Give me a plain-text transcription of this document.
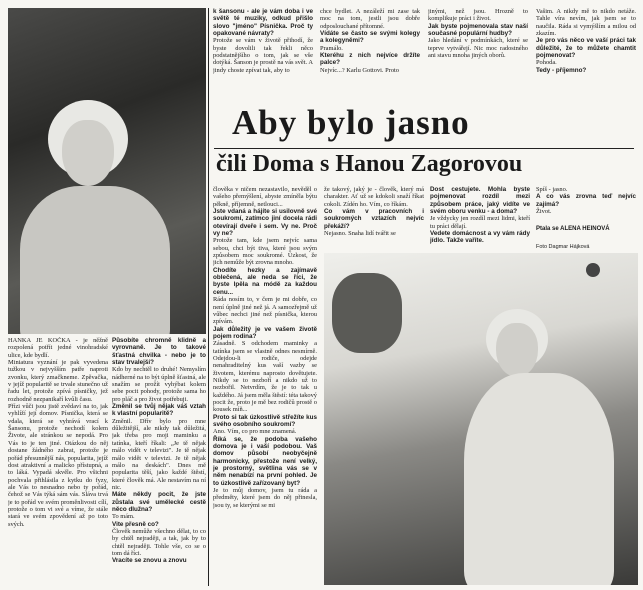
Aby bylo jasno
čili Doma s Hanou Zagorovou

HANKA JE KOČKA - je něžně rozpolená potřít jedné vinohradské ulice, kde bydlí.

Miniatura vyznání je pak vyvedena tužkou v nejvyšším patře naproti zvonku, který zmačkneme. Zpěvačka, v jejíž popularitě se trvale stunečno už řadu let, protože zpívá písničky, jež rozhodně nezpanikaří kvůli času.

Přízi vůči jsou jistě zvědaví na to, jak vyhlíží její domov. Písnička, která se vdala, která se vyhrává vrací k Šansonu, protože nechodí kolem Živote, ale stránkou se nepodá. Pro Vás to je ten jiné. Otázkou do něj dostane žádného zabrat, protože je pořád přesunnější nás, popularita, jejíž dost atraktivní a malicko přístupná, a to láká. Vypadá skvěle. Pro všichni pochvala přihlásila z kytku do fyzy, ale Vás to nesnadno nebo ty pořád, čehož se Vás týká sám vás. Sláva trvá je to pořád ve svém proměnlivosti cílí, protože o tom vi své a víme, že stále stará ve svém zpovědení až po toto svých.

Působíte chromně klidně a vyrovnaně. Je to takové šťastná chvilka - nebo je to stav trvalejší?

Kdo by nechtěl to druhé! Nemyslím nádherné na to být úplně šťastná, ale snažím se prožít vyhýbat kolem sebe pocit pohody, protože sama ho pro pláč a pro život potřebuji.

Změnil se tvůj nějak váš vztah k vlastní popularitě?

Změnil. Dřív bylo pro mne důležitější, ale nikdy tak důležitá, jak třeba pro moji maminku a tatínka, kteří říkali: „Je tě nějak málo vidět v televizi". Je tě nějak málo vidět v televizi. Je tě nějak málo na deskách". Dnes mě popularita těší, jako každé štěstí, které člověk má. Ale nestavím na ní nic.

Máte někdy pocit, že jste zůstala své umělecké cestě něco dlužna?

To mám.

Vite přesně co?

Člověk nemůže všechno dělat, to co by chtěl nejraději, a tak, jak by to chtěl nejraději. Tohle vše, co se o tom dá říci.

Vracíte se znovu a znovu

k šansonu - ale je vám doba i ve světě té muziky, odkud přišlo slovo "jméno" Písnička. Proč ty opakované návraty?

Protože se vám v životě přihodí, že byste dovolili tak řekli něco podstatnějšího o tom, jak se vše dotýká. Šanson je prostě na vás svět. A jindy choste zpívat tak, aby to

chce bydlet. A nezáleží mi zase tak moc na tom, jestli jsou dobře odposlouchané přítomné.

Vídáte se často se svými kolegy a kolegyněmi?

Pramálo.

Kteréhu z nich nejvíce držíte palce?

Nejvíc...? Karlu Gottovi. Proto

jinými, než jsou. Hrozně to komplikuje práci i život.

Jak byste pojmenovala stav naší současné populární hudby?

Jako hledání v podmínkách, které se teprve vytvářejí. Nic moc radostného ani stavu mnoha jiných oborů.

Vašim. A nikdy mě to nikdo netáže. Tahle víra nevím, jak jsem se to naučila. Ráda si vymýšlím a milou od zkazím.

Je pro vás něco ve vaší práci tak důležité, že to můžete chamtit pojmenovat?

Pohoda.

Tedy - příjemno?

člověka v ničem nezastavilo, nevěděl o vašeho přemýšlení, abyste zmíněla býtu pěkně, příjemně, netlouci...

Jste vdaná a hájíte si usilovně své soukromí, zatímco jiní docela rádi otevírají dveře i sem. Vy ne. Proč vy ne?

Protože tam, kde jsem nejvíc sama sebou, chci být tiva, které jsou svým způsobem moc soukromé. Úzkost, že jich nemůže být zrovna mnoho.

Chodíte hezky a zajímavě oblečená, ale neda se říci, že byste lpěla na módě za každou cenu...

Ráda nosím to, v čem je mi dobře, co není úplně jiné než já. A samozřejmě už vůbec nechci jiné než písnička, kterou zpívám.

Jak důležitý je ve vašem životě pojem rodina?

Zásadně. S odchodem maminky a tatínka jsem se vlastně odnes nesmírně. Odejdou-li rodiče, odejde nenahraditelný kus vaší vazby se životem, kterému naprosto dovětujete. Nikdy se to nezboří a nikdo už to nezbořil. Netvrdím, že je to tak u každého. Já jsem měla štěstí: téta takový pocit že, proto je mě bez rodičů prostě o kousek míň...

Proto si tak úzkostlivě střežíte kus svého osobního soukromí?

Ano. Vím, co pro mne znamená.

Říká se, že podoba vašeho domova je i vaší podobou. Vaš domov působí neobyčejně harmonicky, přestože není velký, je prostorný, světlina vás se v něm nenabízí na první pohled. Je to úzkostlivě zařízovaný byt?

Je to můj domov, jsem tu ráda a předměty, které jsem do něj přinesla, jsou ty, se kterými se mi

že takový, jaký je - člověk, který má charakter. Ať už se kdokoli snaží říkat cokoli. Zídén ho. Vím, co říkám.

Co vám v pracovních i soukromých vztazích nejvíc překáží?

Nejasno. Snaha lidí tvářit se

Dost cestujete. Mohla byste pojmenovat rozdíl mezi způsobem práce, jaký vidíte ve svém oboru venku - a doma?

Je vždycky jen rozdíl mezi lidmi, kteří tu práci dělají.

Vedete domácnost a vy vám rády jídlo. Takže vaříte.

Spíš - jasno.

A co vás zrovna teď nejvíc zajímá?

Život.

Ptala se ALENA HEINOVÁ
Foto Dagmar Hájková
